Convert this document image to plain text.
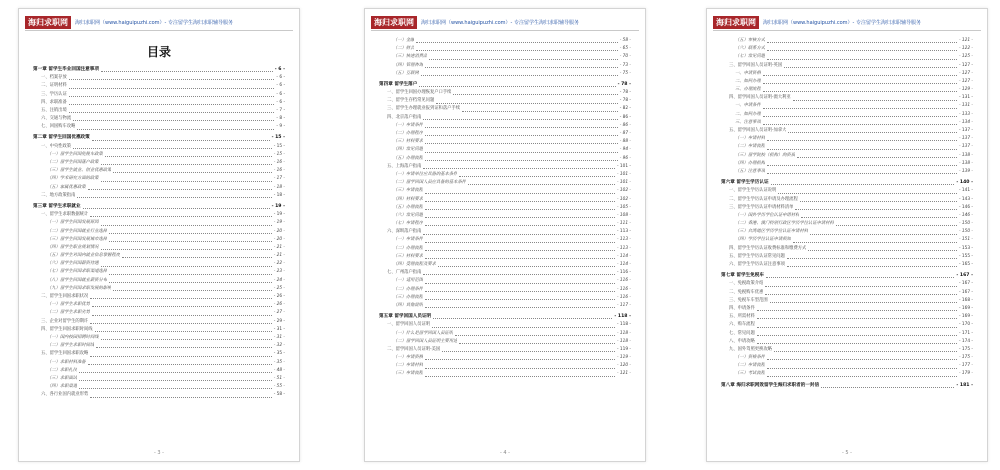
海归求职网	海归求职网（www.haiguipuzhi.com）- 专注留学生海归求职辅导服务
目录
第一章 留学生毕业回国注意事项	- 6 -
一、档案存放	- 6 -
二、证明材料	- 6 -
三、学历认证	- 6 -
四、求职准备	- 6 -
五、注销出境	- 7 -
六、交通与物流	- 8 -
七、回国购车攻略	- 9 -
第二章 留学生回国优惠政策	- 15 -
一、中央性政策	- 15 -
（一）留学生回国免税车政策	- 15 -
（二）留学生回国落户政策	- 16 -
（三）留学生就业、创业优惠政策	- 16 -
（四）学术研究方面的政策	- 17 -
（五）家属优惠政策	- 18 -
二、地方政策指南	- 18 -
第三章 留学生求职就业	- 19 -
一、留学生求职数据统计	- 19 -
（一）留学生回国发展原因	- 19 -
（二）留学生回国就业行业选择	- 20 -
（三）留学生回国发展城市选择	- 20 -
（四）留学生职业规划情况	- 21 -
（五）留学生对国内就业信息掌握程度	- 21 -
（六）留学生回国薪资待遇	- 22 -
（七）留学生回国求职渠道选择	- 23 -
（八）留学生回国就业薪资分布	- 24 -
（九）留学生回国求职发展的影响	- 25 -
二、留学生回国求职状况	- 26 -
（一）留学生求职优势	- 26 -
（二）留学生求职劣势	- 27 -
三、企业对留学生的期许	- 29 -
四、留学生回国求职时间线	- 31 -
（一）国内校园招聘时间线	- 31 -
（二）留学生求职时间线	- 32 -
五、留学生回国求职攻略	- 35 -
（一）求职材料准备	- 35 -
（二）求职礼仪	- 48 -
（三）求职面试	- 51 -
（四）求职渠道	- 55 -
六、各行业国内就业形势	- 58 -
- 3 -
海归求职网	海归求职网（www.haiguipuzhi.com）- 专注留学生海归求职辅导服务
（一）金融	- 58 -
（二）财会	- 65 -
（三）快速消费品	- 70 -
（四）管理咨询	- 73 -
（五）互联网	- 75 -
第四章 留学生落户	- 78 -
一、留学生回国办理恢复户口手续	- 78 -
二、留学生存档常见问题	- 78 -
三、留学生办理就业报到证和落户手续	- 82 -
四、北京落户指南	- 86 -
（一）申请条件	- 86 -
（二）办理程序	- 87 -
（三）材料要求	- 88 -
（四）常见问题	- 94 -
（五）办理流程	- 96 -
五、上海落户指南	- 101 -
（一）申请单位应具备的基本条件	- 101 -
（二）留学回国人员应具备的基本条件	- 101 -
（三）申请流程	- 102 -
（四）材料要求	- 102 -
（五）办理流程	- 105 -
（六）常见问题	- 108 -
（七）申请程序	- 111 -
六、深圳落户指南	- 113 -
（一）申请条件	- 113 -
（二）办理流程	- 113 -
（三）材料要求	- 114 -
（四）受理流程及要求	- 114 -
七、广州落户指南	- 116 -
（一）适用范围	- 116 -
（二）办理条件	- 116 -
（三）办理流程	- 116 -
（四）其他说明	- 117 -
第五章 留学回国人员证明	- 118 -
一、留学回国人员证明	- 118 -
（一）什么是留学回国人员证明	- 118 -
（二）留学回国人员证明主要用途	- 118 -
二、留学回国人员证明-美国	- 119 -
（一）申请资格	- 119 -
（二）申请材料	- 120 -
（三）申请流程	- 121 -
- 4 -
海归求职网	海归求职网（www.haiguipuzhi.com）- 专注留学生海归求职辅导服务
（五）审核方式	- 121 -
（六）联系方式	- 122 -
（七）常见问题	- 125 -
三、留学回国人员证明-英国	- 127 -
一、申请资格	- 127 -
二、如何办理	- 127 -
三、办理流程	- 129 -
四、留学回国人员证明-澳大利亚	- 131 -
一、申请条件	- 131 -
二、如何办理	- 133 -
三、注意事项	- 134 -
五、留学回国人员证明-加拿大	- 137 -
（一）申请材料	- 137 -
（二）申请流程	- 137 -
（三）留学院校（机构）的资质	- 138 -
（四）办理机构	- 138 -
（五）注意事项	- 139 -
第六章 留学生学历认证	- 140 -
一、留学生学历认证说明	- 141 -
二、留学生学历认证申请及办理流程	- 143 -
三、留学生学历认证申请材料清单	- 146 -
（一）国外学历学位认证申请材料	- 146 -
（二）香港、澳门特别行政区学历学位认证申请材料	- 150 -
（三）台湾地区学历学位认证申请材料	- 150 -
（四）学历学位认证申请须知	- 151 -
四、留学生学历认证收费标准和缴费方式	- 153 -
五、留学生学历认证常见问题	- 155 -
六、留学生学历认证注意事项	- 165 -
第七章 留学生免税车	- 167 -
一、免税政策介绍	- 167 -
二、免税购车优惠	- 167 -
三、免税车车型范围	- 168 -
四、申请条件	- 169 -
五、所需材料	- 169 -
六、购车流程	- 170 -
七、常见问题	- 171 -
八、申请攻略	- 174 -
九、国外驾照更换攻略	- 175 -
（一）资格条件	- 175 -
（二）申请流程	- 177 -
（三）考试流程	- 179 -
第八章 海归求职网致留学生海归求职者的一封信	- 181 -
- 5 -
